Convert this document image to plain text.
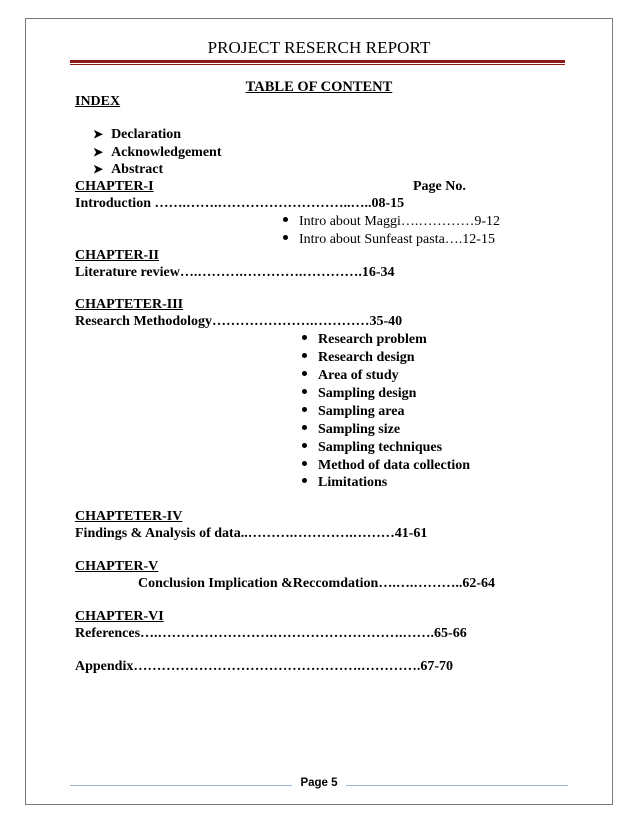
PROJECT RESERCH REPORT
TABLE OF CONTENT
INDEX
➤ Declaration
➤ Acknowledgement
➤ Abstract
CHAPTER-I	Page No.
Introduction …….…….………………………..…..08-15
Intro about Maggi….…………9-12
Intro about Sunfeast pasta….12-15
CHAPTER-II
Literature review….……….………….………….16-34
CHAPTETER-III
Research Methodology………………….…………35-40
Research problem
Research design
Area of study
Sampling design
Sampling area
Sampling size
Sampling techniques
Method of data collection
Limitations
CHAPTETER-IV
Findings & Analysis of data..……….………….………41-61
CHAPTER-V
Conclusion Implication &Reccomdation….….………..62-64
CHAPTER-VI
References….…………………….……………………….…….65-66
Appendix………………………………………….………….67-70
Page 5
